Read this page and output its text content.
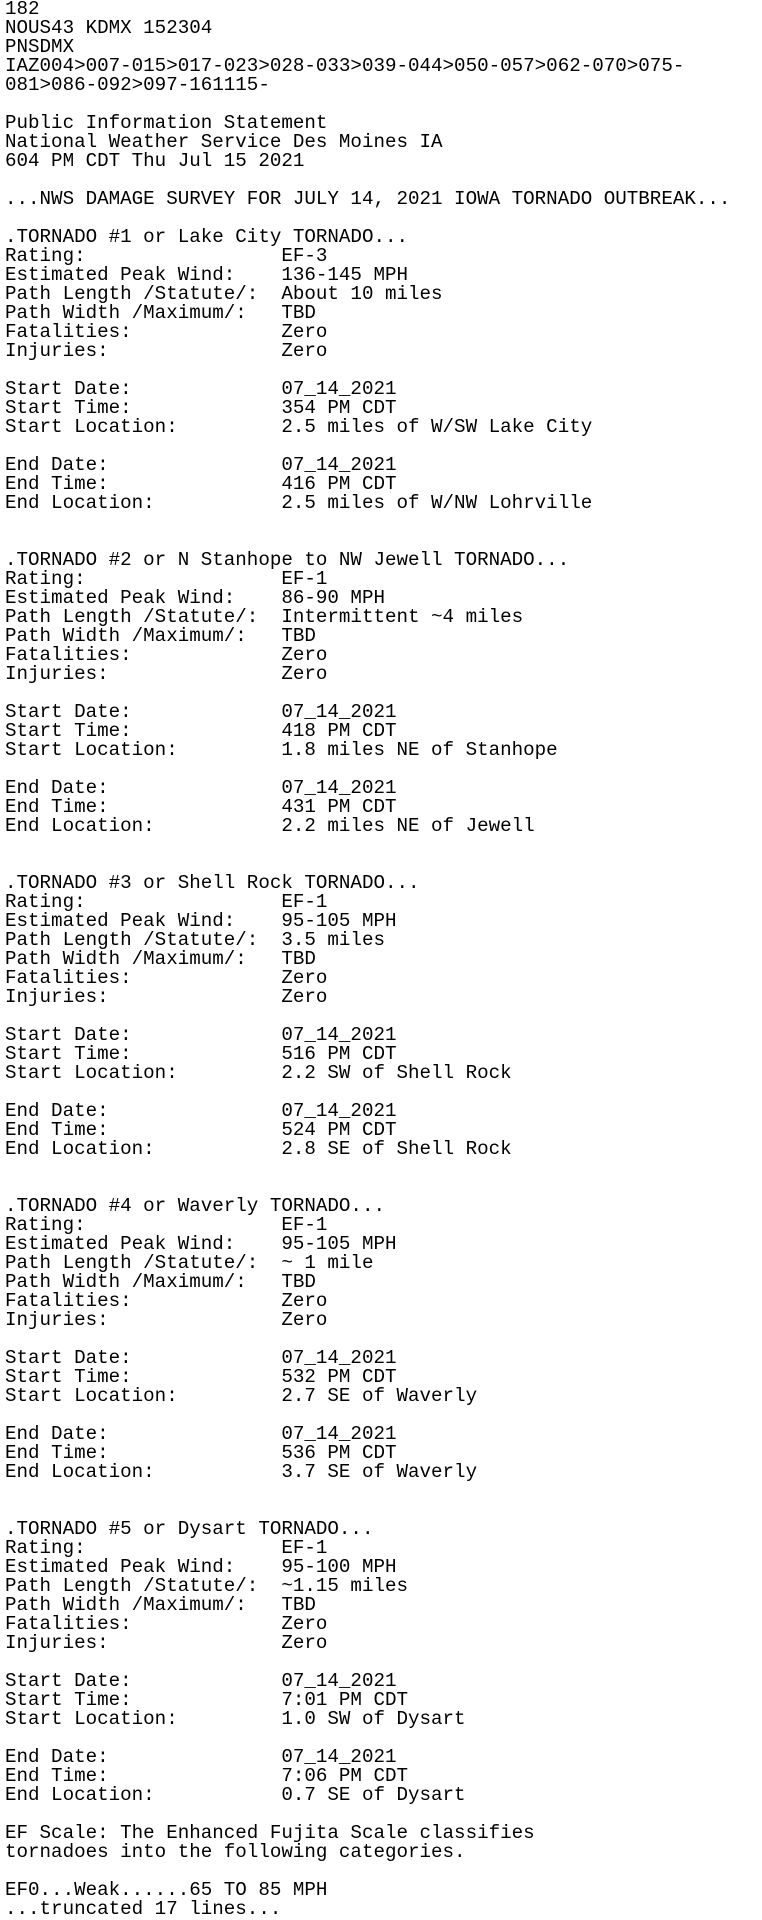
182
NOUS43 KDMX 152304
PNSDMX
IAZ004>007-015>017-023>028-033>039-044>050-057>062-070>075-
081>086-092>097-161115-
Public Information Statement
National Weather Service Des Moines IA
604 PM CDT Thu Jul 15 2021
...NWS DAMAGE SURVEY FOR JULY 14, 2021 IOWA TORNADO OUTBREAK...
.TORNADO #1 or Lake City TORNADO...
Rating:                 EF-3
Estimated Peak Wind:    136-145 MPH
Path Length /Statute/:  About 10 miles
Path Width /Maximum/:   TBD
Fatalities:             Zero
Injuries:               Zero
Start Date:             07_14_2021
Start Time:             354 PM CDT
Start Location:         2.5 miles of W/SW Lake City
End Date:               07_14_2021
End Time:               416 PM CDT
End Location:           2.5 miles of W/NW Lohrville
.TORNADO #2 or N Stanhope to NW Jewell TORNADO...
Rating:                 EF-1
Estimated Peak Wind:    86-90 MPH
Path Length /Statute/:  Intermittent ~4 miles
Path Width /Maximum/:   TBD
Fatalities:             Zero
Injuries:               Zero
Start Date:             07_14_2021
Start Time:             418 PM CDT
Start Location:         1.8 miles NE of Stanhope
End Date:               07_14_2021
End Time:               431 PM CDT
End Location:           2.2 miles NE of Jewell
.TORNADO #3 or Shell Rock TORNADO...
Rating:                 EF-1
Estimated Peak Wind:    95-105 MPH
Path Length /Statute/:  3.5 miles
Path Width /Maximum/:   TBD
Fatalities:             Zero
Injuries:               Zero
Start Date:             07_14_2021
Start Time:             516 PM CDT
Start Location:         2.2 SW of Shell Rock
End Date:               07_14_2021
End Time:               524 PM CDT
End Location:           2.8 SE of Shell Rock
.TORNADO #4 or Waverly TORNADO...
Rating:                 EF-1
Estimated Peak Wind:    95-105 MPH
Path Length /Statute/:  ~ 1 mile
Path Width /Maximum/:   TBD
Fatalities:             Zero
Injuries:               Zero
Start Date:             07_14_2021
Start Time:             532 PM CDT
Start Location:         2.7 SE of Waverly
End Date:               07_14_2021
End Time:               536 PM CDT
End Location:           3.7 SE of Waverly
.TORNADO #5 or Dysart TORNADO...
Rating:                 EF-1
Estimated Peak Wind:    95-100 MPH
Path Length /Statute/:  ~1.15 miles
Path Width /Maximum/:   TBD
Fatalities:             Zero
Injuries:               Zero
Start Date:             07_14_2021
Start Time:             7:01 PM CDT
Start Location:         1.0 SW of Dysart
End Date:               07_14_2021
End Time:               7:06 PM CDT
End Location:           0.7 SE of Dysart
EF Scale: The Enhanced Fujita Scale classifies
tornadoes into the following categories.
EF0...Weak......65 TO 85 MPH
...truncated 17 lines...
